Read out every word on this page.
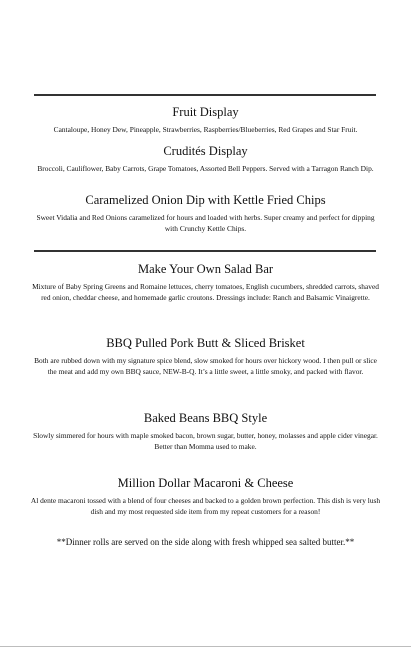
Fruit Display

Cantaloupe, Honey Dew, Pineapple, Strawberries, Raspberries/Blueberries, Red Grapes and Star Fruit.

Crudités Display

Broccoli, Cauliflower, Baby Carrots, Grape Tomatoes, Assorted Bell Peppers. Served with a Tarragon Ranch Dip.

Caramelized Onion Dip with Kettle Fried Chips

Sweet Vidalia and Red Onions caramelized for hours and loaded with herbs. Super creamy and perfect for dipping with Crunchy Kettle Chips.

Make Your Own Salad Bar

Mixture of Baby Spring Greens and Romaine lettuces, cherry tomatoes, English cucumbers, shredded carrots, shaved red onion, cheddar cheese, and homemade garlic croutons. Dressings include: Ranch and Balsamic Vinaigrette.

BBQ Pulled Pork Butt & Sliced Brisket

Both are rubbed down with my signature spice blend, slow smoked for hours over hickory wood. I then pull or slice the meat and add my own BBQ sauce, NEW-B-Q. It’s a little sweet, a little smoky, and packed with flavor.

Baked Beans BBQ Style

Slowly simmered for hours with maple smoked bacon, brown sugar, butter, honey, molasses and apple cider vinegar. Better than Momma used to make.

Million Dollar Macaroni & Cheese

Al dente macaroni tossed with a blend of four cheeses and backed to a golden brown perfection. This dish is very lush dish and my most requested side item from my repeat customers for a reason!

**Dinner rolls are served on the side along with fresh whipped sea salted butter.**
